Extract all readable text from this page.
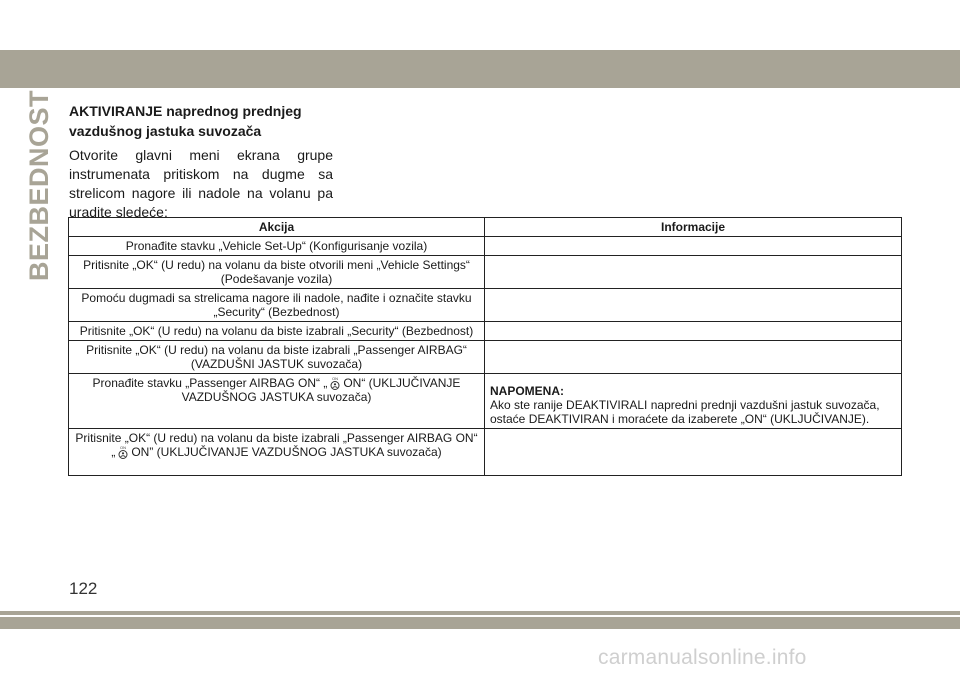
BEZBEDNOST AKTIVIRANJE naprednog prednjeg vazdušnog jastuka suvozača

Otvorite glavni meni ekrana grupe instrumenata pritiskom na dugme sa strelicom nagore ili nadole na volanu pa uradite sledeće:

Akcija	Informacije
Pronađite stavku „Vehicle Set-Up“ (Konfigurisanje vozila)	
Pritisnite „OK“ (U redu) na volanu da biste otvorili meni „Vehicle Settings“ (Podešavanje vozila)	
Pomoću dugmadi sa strelicama nagore ili nadole, nađite i označite stavku „Security“ (Bezbednost)	
Pritisnite „OK“ (U redu) na volanu da biste izabrali „Security“ (Bezbednost)	
Pritisnite „OK“ (U redu) na volanu da biste izabrali „Passenger AIRBAG“ (VAZDUŠNI JASTUK suvozača)	
Pronađite stavku „Passenger AIRBAG ON“ „ ON ON“ (UKLJUČIVANJE VAZDUŠNOG JASTUKA suvozača)	NAPOMENA:
Ako ste ranije DEAKTIVIRALI napredni prednji vazdušni jastuk suvozača, ostaće DEAKTIVIRAN i moraćete da izaberete „ON“ (UKLJUČIVANJE).
Pritisnite „OK“ (U redu) na volanu da biste izabrali „Passenger AIRBAG ON“ „ ON ON” (UKLJUČIVANJE VAZDUŠNOG JASTUKA suvozača)	
122
carmanualsonline.info
